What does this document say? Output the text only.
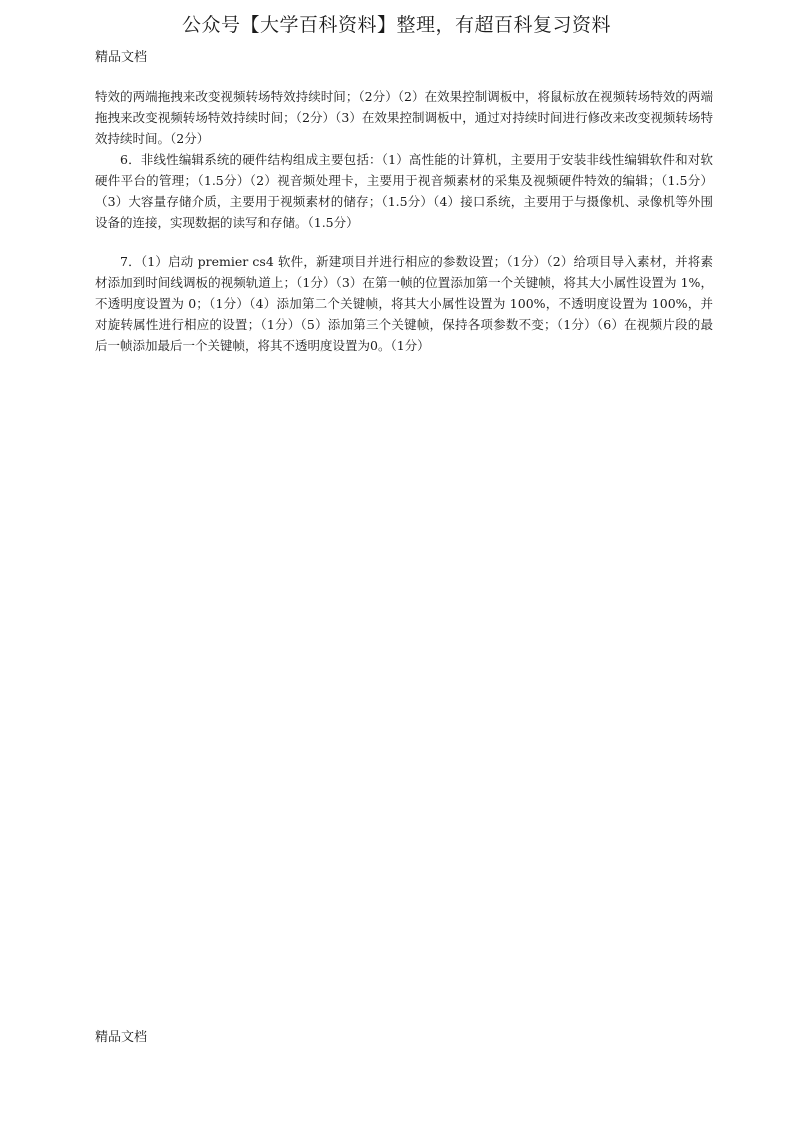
公众号【大学百科资料】整理，有超百科复习资料
精品文档

特效的两端拖拽来改变视频转场特效持续时间；（2分）（2）在效果控制调板中，将鼠标放在视频转场特效的两端拖拽来改变视频转场特效持续时间；（2分）（3）在效果控制调板中，通过对持续时间进行修改来改变视频转场特效持续时间。（2分）

6．非线性编辑系统的硬件结构组成主要包括：（1）高性能的计算机，主要用于安装非线性编辑软件和对软硬件平台的管理；（1.5分）（2）视音频处理卡，主要用于视音频素材的采集及视频硬件特效的编辑；（1.5分）（3）大容量存储介质，主要用于视频素材的储存；（1.5分）（4）接口系统，主要用于与摄像机、录像机等外围设备的连接，实现数据的读写和存储。（1.5分）

7．（1）启动 premier cs4 软件，新建项目并进行相应的参数设置；（1分）（2）给项目导入素材，并将素材添加到时间线调板的视频轨道上；（1分）（3）在第一帧的位置添加第一个关键帧，将其大小属性设置为 1%，不透明度设置为 0；（1分）（4）添加第二个关键帧，将其大小属性设置为 100%，不透明度设置为 100%，并对旋转属性进行相应的设置；（1分）（5）添加第三个关键帧，保持各项参数不变；（1分）（6）在视频片段的最后一帧添加最后一个关键帧，将其不透明度设置为0。（1分）

精品文档
